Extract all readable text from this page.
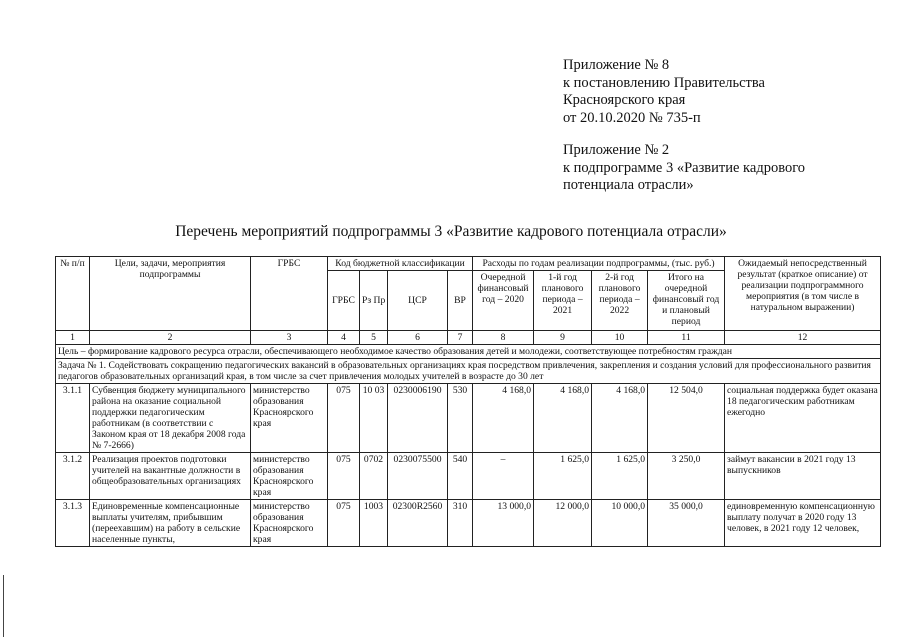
Приложение № 8
к постановлению Правительства
Красноярского края
от 20.10.2020 № 735-п
Приложение № 2
к подпрограмме 3 «Развитие кадрового
потенциала отрасли»
Перечень мероприятий подпрограммы 3 «Развитие кадрового потенциала отрасли»
№ п/п	Цели, задачи, мероприятия подпрограммы	ГРБС	Код бюджетной классификации				Расходы по годам реализации подпрограммы, (тыс. руб.)				Ожидаемый непосредственный результат (краткое описание) от реализации подпрограммного мероприятия (в том числе в натуральном выражении)
			ГРБС	Рз Пр	ЦСР	ВР	Очередной финансовый год – 2020	1-й год планового периода – 2021	2-й год планового периода – 2022	Итого на очередной финансовый год и плановый период	
1	2	3	4	5	6	7	8	9	10	11	12
Цель – формирование кадрового ресурса отрасли, обеспечивающего необходимое качество образования детей и молодежи, соответствующее потребностям граждан											
Задача № 1. Содействовать сокращению педагогических вакансий в образовательных организациях края посредством привлечения, закрепления и создания условий для профессионального развития педагогов образовательных организаций края, в том числе за счет привлечения молодых учителей в возрасте до 30 лет											
3.1.1	Субвенция бюджету муниципального района на оказание социальной поддержки педагогическим работникам (в соответствии с Законом края от 18 декабря 2008 года № 7-2666)	министерство образования Красноярского края	075	10 03	0230006190	530	4 168,0	4 168,0	4 168,0	12 504,0	социальная поддержка будет оказана 18 педагогическим работникам ежегодно
3.1.2	Реализация проектов подготовки учителей на вакантные должности в общеобразовательных организациях	министерство образования Красноярского края	075	0702	0230075500	540	–	1 625,0	1 625,0	3 250,0	займут вакансии в 2021 году 13 выпускников
3.1.3	Единовременные компенсационные выплаты учителям, прибывшим (переехавшим) на работу в сельские населенные пункты,	министерство образования Красноярского края	075	1003	02300R2560	310	13 000,0	12 000,0	10 000,0	35 000,0	единовременную компенсационную выплату получат в 2020 году 13 человек, в 2021 году 12 человек,
